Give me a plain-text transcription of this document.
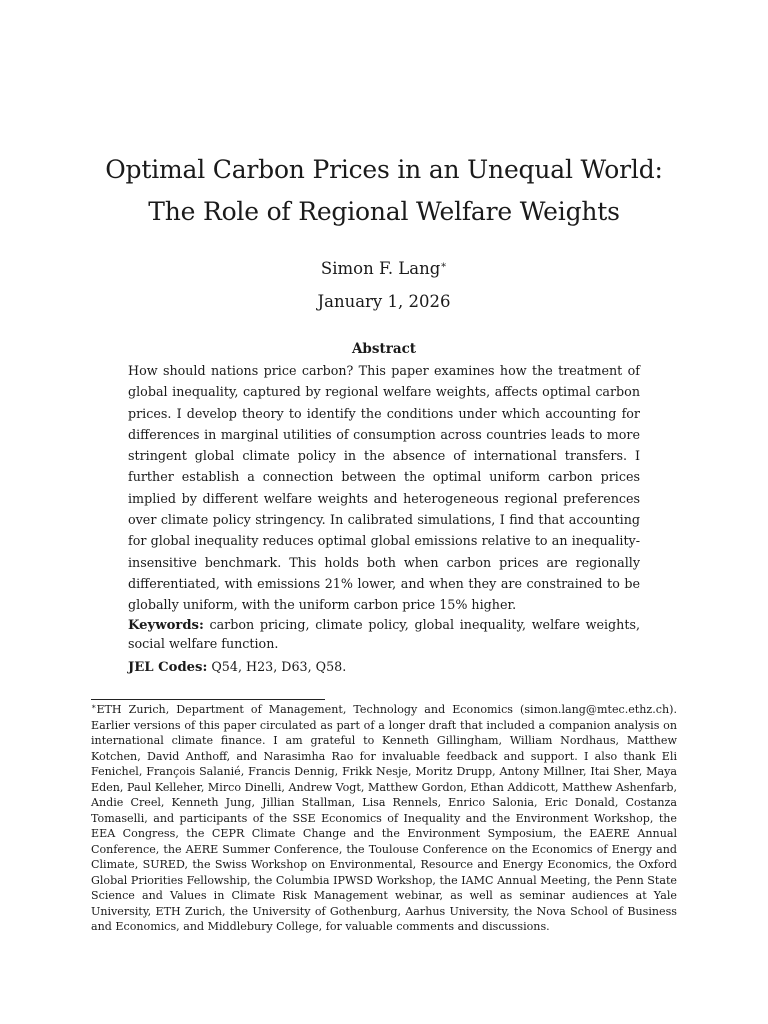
Optimal Carbon Prices in an Unequal World:
The Role of Regional Welfare Weights
Simon F. Lang∗
January 1, 2026
Abstract
How should nations price carbon? This paper examines how the treatment of global inequality, captured by regional welfare weights, affects optimal carbon prices. I develop theory to identify the conditions under which accounting for differences in marginal utilities of consumption across countries leads to more stringent global climate policy in the absence of international transfers. I further establish a connection between the optimal uniform carbon prices implied by different welfare weights and heterogeneous regional preferences over climate policy stringency. In calibrated simulations, I find that accounting for global inequality reduces optimal global emissions relative to an inequality-insensitive benchmark. This holds both when carbon prices are regionally differentiated, with emissions 21% lower, and when they are constrained to be globally uniform, with the uniform carbon price 15% higher.
Keywords: carbon pricing, climate policy, global inequality, welfare weights, social welfare function.
JEL Codes: Q54, H23, D63, Q58.
∗ETH Zurich, Department of Management, Technology and Economics (simon.lang@mtec.ethz.ch). Earlier versions of this paper circulated as part of a longer draft that included a companion analysis on international climate finance. I am grateful to Kenneth Gillingham, William Nordhaus, Matthew Kotchen, David Anthoff, and Narasimha Rao for invaluable feedback and support. I also thank Eli Fenichel, François Salanié, Francis Dennig, Frikk Nesje, Moritz Drupp, Antony Millner, Itai Sher, Maya Eden, Paul Kelleher, Mirco Dinelli, Andrew Vogt, Matthew Gordon, Ethan Addicott, Matthew Ashenfarb, Andie Creel, Kenneth Jung, Jillian Stallman, Lisa Rennels, Enrico Salonia, Eric Donald, Costanza Tomaselli, and participants of the SSE Economics of Inequality and the Environment Workshop, the EEA Congress, the CEPR Climate Change and the Environment Symposium, the EAERE Annual Conference, the AERE Summer Conference, the Toulouse Conference on the Economics of Energy and Climate, SURED, the Swiss Workshop on Environmental, Resource and Energy Economics, the Oxford Global Priorities Fellowship, the Columbia IPWSD Workshop, the IAMC Annual Meeting, the Penn State Science and Values in Climate Risk Management webinar, as well as seminar audiences at Yale University, ETH Zurich, the University of Gothenburg, Aarhus University, the Nova School of Business and Economics, and Middlebury College, for valuable comments and discussions.
